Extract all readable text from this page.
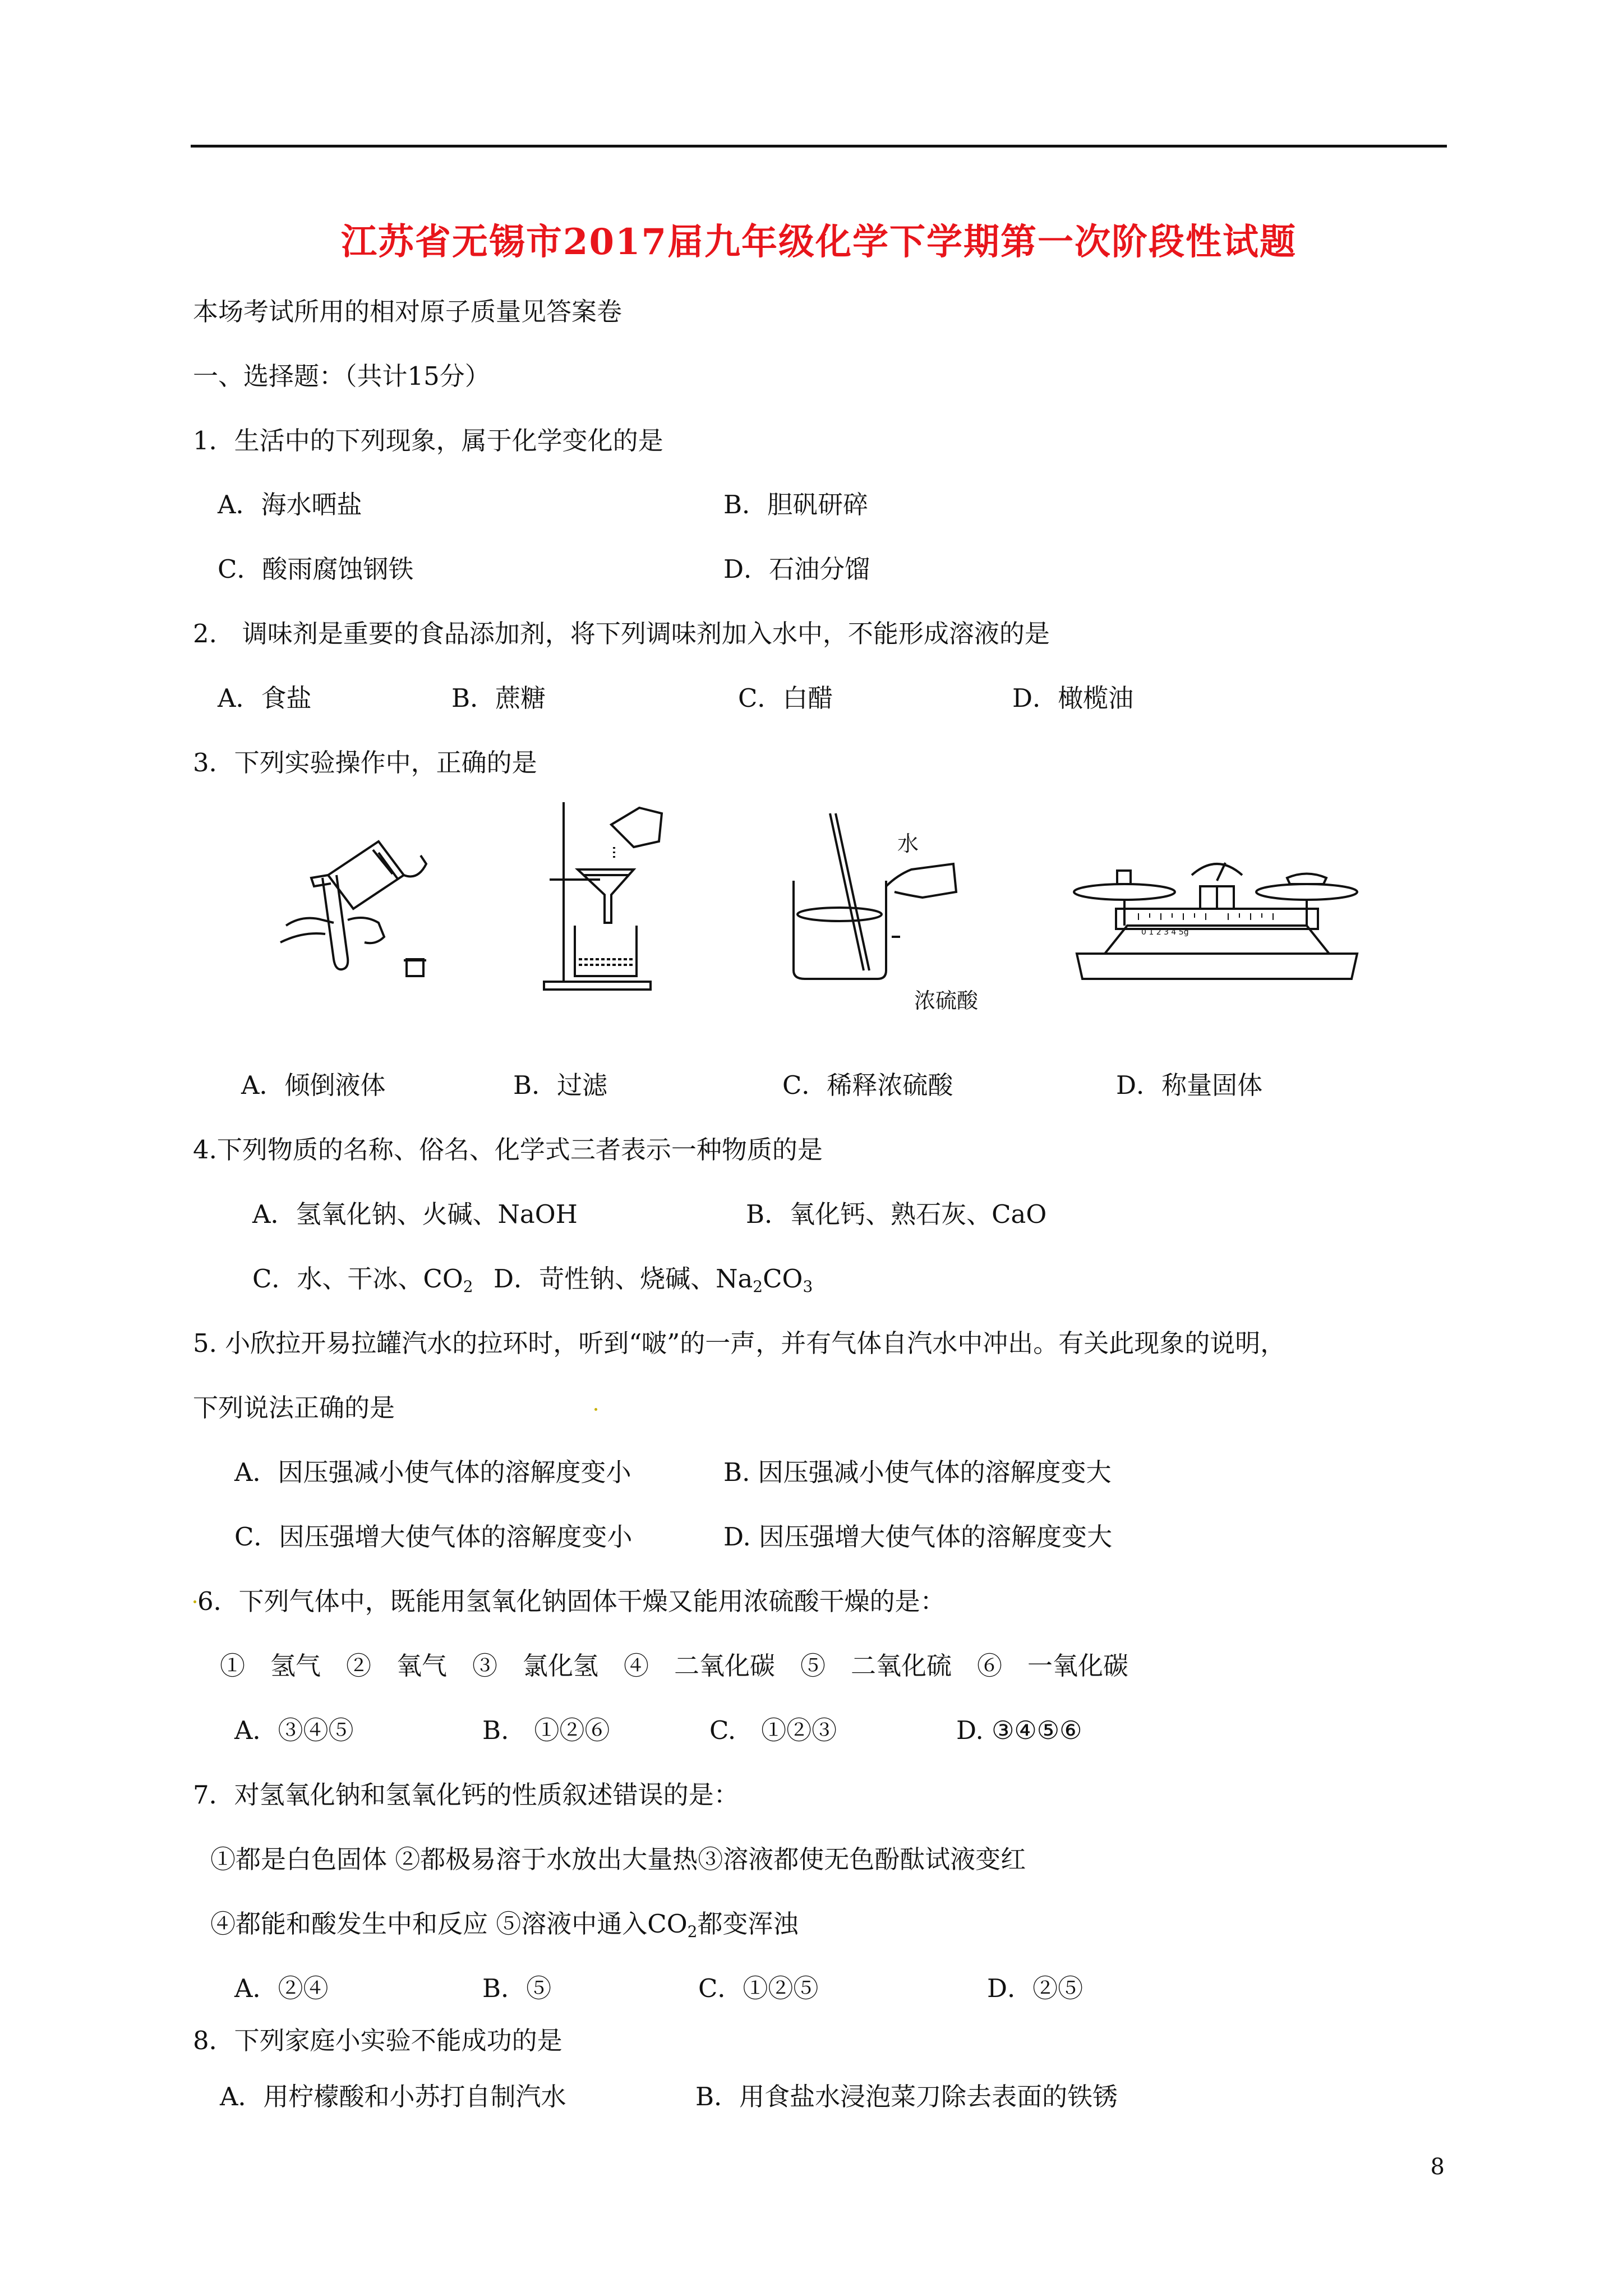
江苏省无锡市2017届九年级化学下学期第一次阶段性试题
本场考试所用的相对原子质量见答案卷
一、选择题：（共计15分）
1．生活中的下列现象，属于化学变化的是
A．海水晒盐	B．胆矾研碎
C．酸雨腐蚀钢铁	D．石油分馏
2.　调味剂是重要的食品添加剂，将下列调味剂加入水中，不能形成溶液的是
A．食盐	B．蔗糖	C．白醋	D．橄榄油
3．下列实验操作中，正确的是
水
浓硫酸
0 1 2 3 4 5g
A．倾倒液体	B．过滤	C．稀释浓硫酸	D．称量固体
4.下列物质的名称、俗名、化学式三者表示一种物质的是
A．氢氧化钠、火碱、NaOH	B．氧化钙、熟石灰、CaO
C．水、干冰、$CO_2$ D．苛性钠、烧碱、$Na_2CO_3$
5. 小欣拉开易拉罐汽水的拉环时，听到“啵”的一声，并有气体自汽水中冲出。有关此现象的说明，
下列说法正确的是
A．因压强减小使气体的溶解度变小	B. 因压强减小使气体的溶解度变大
C．因压强增大使气体的溶解度变小	D. 因压强增大使气体的溶解度变大
6．下列气体中，既能用氢氧化钠固体干燥又能用浓硫酸干燥的是：
①　氢气　②　氧气　③　氯化氢　④　二氧化碳　⑤　二氧化硫　⑥　一氧化碳
A．③④⑤	B.　①②⑥	C.　①②③	D. ③④⑤⑥
7．对氢氧化钠和氢氧化钙的性质叙述错误的是：
①都是白色固体 ②都极易溶于水放出大量热③溶液都使无色酚酞试液变红
④都能和酸发生中和反应 ⑤溶液中通入$CO_2$都变浑浊
A．②④	B．⑤	C．①②⑤	D．②⑤
8．下列家庭小实验不能成功的是
A．用柠檬酸和小苏打自制汽水	B．用食盐水浸泡菜刀除去表面的铁锈
8
